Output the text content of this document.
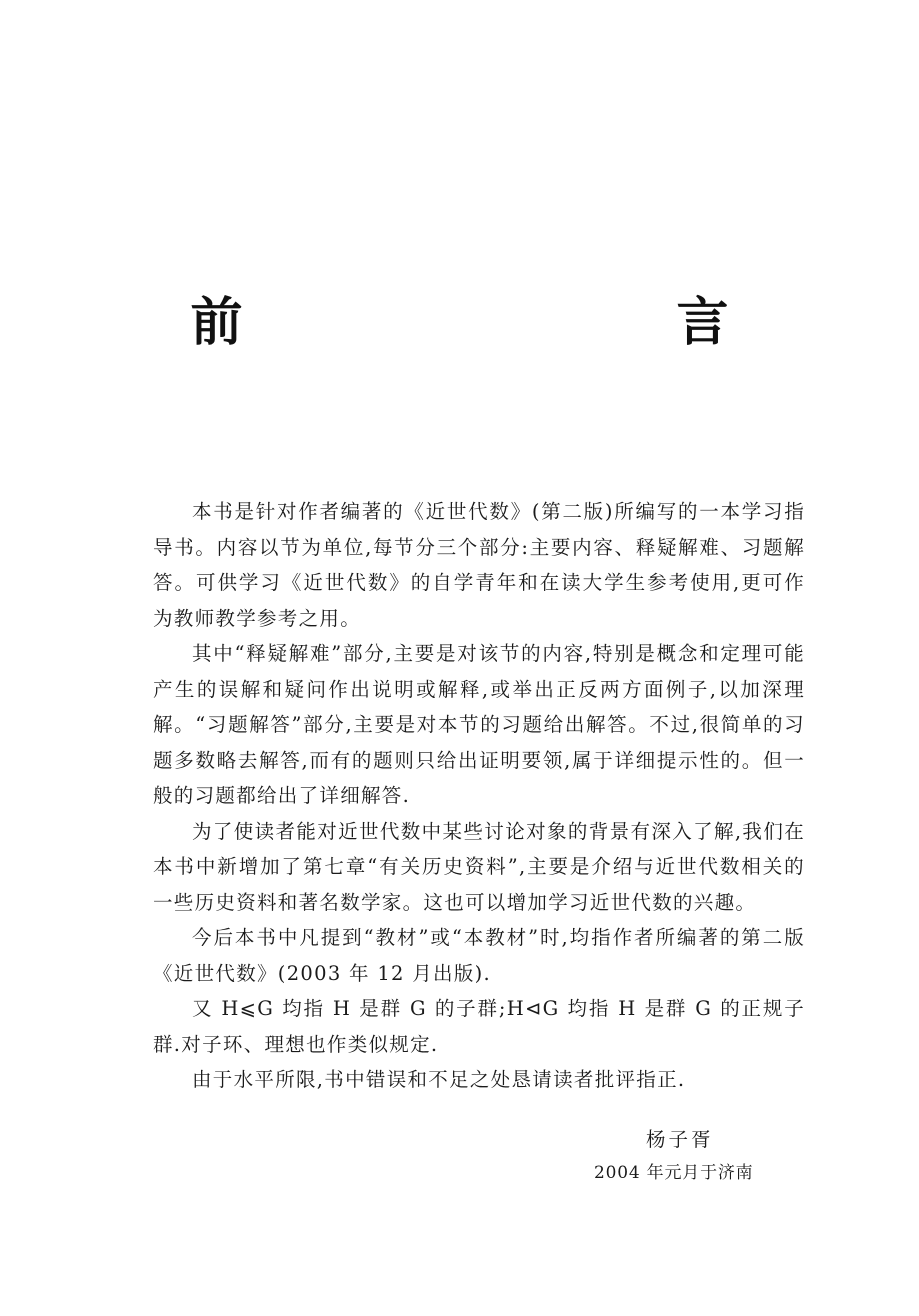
前　　言

本书是针对作者编著的《近世代数》(第二版)所编写的一本学习指导书。内容以节为单位,每节分三个部分:主要内容、释疑解难、习题解答。可供学习《近世代数》的自学青年和在读大学生参考使用,更可作为教师教学参考之用。

其中“释疑解难”部分,主要是对该节的内容,特别是概念和定理可能产生的误解和疑问作出说明或解释,或举出正反两方面例子,以加深理解。“习题解答”部分,主要是对本节的习题给出解答。不过,很简单的习题多数略去解答,而有的题则只给出证明要领,属于详细提示性的。但一般的习题都给出了详细解答.

为了使读者能对近世代数中某些讨论对象的背景有深入了解,我们在本书中新增加了第七章“有关历史资料”,主要是介绍与近世代数相关的一些历史资料和著名数学家。这也可以增加学习近世代数的兴趣。

今后本书中凡提到“教材”或“本教材”时,均指作者所编著的第二版《近世代数》(2003 年 12 月出版).

又 H⩽G 均指 H 是群 G 的子群;H⊲G 均指 H 是群 G 的正规子群.对子环、理想也作类似规定.

由于水平所限,书中错误和不足之处恳请读者批评指正.

杨子胥
2004 年元月于济南
